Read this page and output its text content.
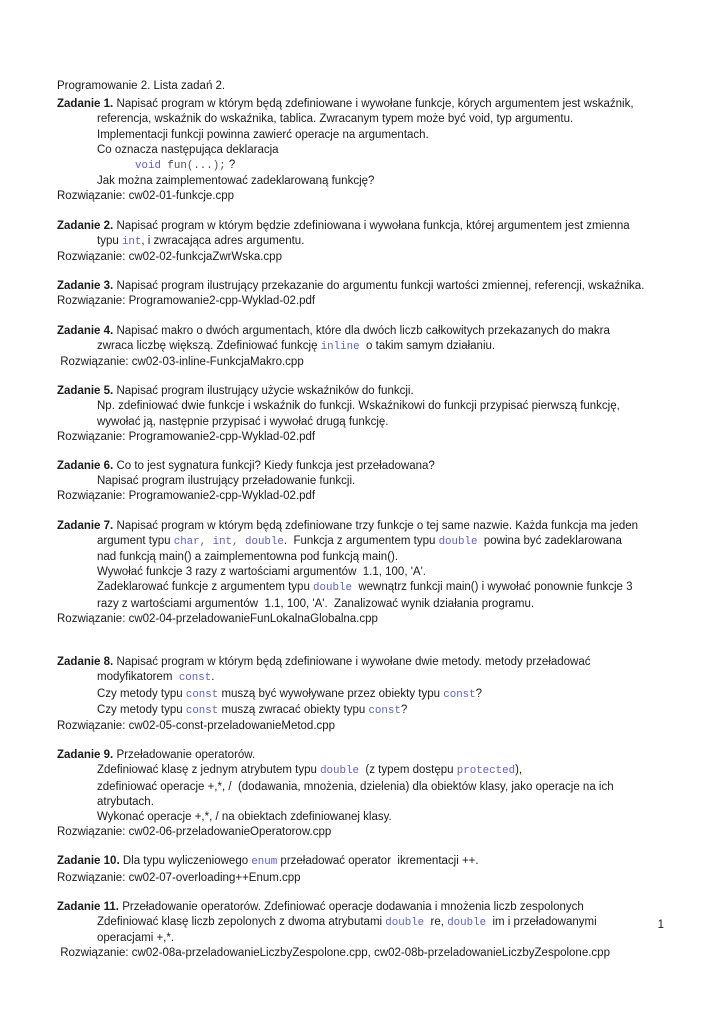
Programowanie 2. Lista zadań 2.
Zadanie 1. Napisać program w którym będą zdefiniowane i wywołane funkcje, kórych argumentem jest wskaźnik,
referencja, wskaźnik do wskaźnika, tablica. Zwracanym typem może być void, typ argumentu.
Implementacji funkcji powinna zawierć operacje na argumentach.
Co oznacza następująca deklaracja
void fun(...); ?
Jak można zaimplementować zadeklarowaną funkcję?
Rozwiązanie: cw02-01-funkcje.cpp
Zadanie 2. Napisać program w którym będzie zdefiniowana i wywołana funkcja, której argumentem jest zmienna
typu int, i zwracająca adres argumentu.
Rozwiązanie: cw02-02-funkcjaZwrWska.cpp
Zadanie 3. Napisać program ilustrujący przekazanie do argumentu funkcji wartości zmiennej, referencji, wskaźnika.
Rozwiązanie: Programowanie2-cpp-Wyklad-02.pdf
Zadanie 4. Napisać makro o dwóch argumentach, które dla dwóch liczb całkowitych przekazanych do makra
zwraca liczbę większą. Zdefiniować funkcję inline  o takim samym działaniu.
Rozwiązanie: cw02-03-inline-FunkcjaMakro.cpp
Zadanie 5. Napisać program ilustrujący użycie wskaźników do funkcji.
Np. zdefiniować dwie funkcje i wskaźnik do funkcji. Wskaźnikowi do funkcji przypisać pierwszą funkcję,
wywołać ją, następnie przypisać i wywołać drugą funkcję.
Rozwiązanie: Programowanie2-cpp-Wyklad-02.pdf
Zadanie 6. Co to jest sygnatura funkcji? Kiedy funkcja jest przeładowana?
Napisać program ilustrujący przeładowanie funkcji.
Rozwiązanie: Programowanie2-cpp-Wyklad-02.pdf
Zadanie 7. Napisać program w którym będą zdefiniowane trzy funkcje o tej same nazwie. Każda funkcja ma jeden
argument typu char, int, double.  Funkcja z argumentem typu double  powina być zadeklarowana
nad funkcją main() a zaimplementowna pod funkcją main().
Wywołać funkcje 3 razy z wartościami argumentów  1.1, 100, 'A'.
Zadeklarować funkcje z argumentem typu double  wewnątrz funkcji main() i wywołać ponownie funkcje 3
razy z wartościami argumentów  1.1, 100, 'A'.  Zanalizować wynik działania programu.
Rozwiązanie: cw02-04-przeladowanieFunLokalnaGlobalna.cpp
Zadanie 8. Napisać program w którym będą zdefiniowane i wywołane dwie metody. metody przeładować
modyfikatorem  const.
Czy metody typu const muszą być wywoływane przez obiekty typu const?
Czy metody typu const muszą zwracać obiekty typu const?
Rozwiązanie: cw02-05-const-przeladowanieMetod.cpp
Zadanie 9. Przeładowanie operatorów.
Zdefiniować klasę z jednym atrybutem typu double  (z typem dostępu protected),
zdefiniować operacje +,*, /  (dodawania, mnożenia, dzielenia) dla obiektów klasy, jako operacje na ich
atrybutach.
Wykonać operacje +,*, / na obiektach zdefiniowanej klasy.
Rozwiązanie: cw02-06-przeladowanieOperatorow.cpp
Zadanie 10. Dla typu wyliczeniowego enum przeładować operator  ikrementacji ++.
Rozwiązanie: cw02-07-overloading++Enum.cpp
Zadanie 11. Przeładowanie operatorów. Zdefiniować operacje dodawania i mnożenia liczb zespolonych
Zdefiniować klasę liczb zepolonych z dwoma atrybutami double  re, double  im i przeładowanymi
operacjami +,*.
Rozwiązanie: cw02-08a-przeladowanieLiczbyZespolone.cpp, cw02-08b-przeladowanieLiczbyZespolone.cpp
1
